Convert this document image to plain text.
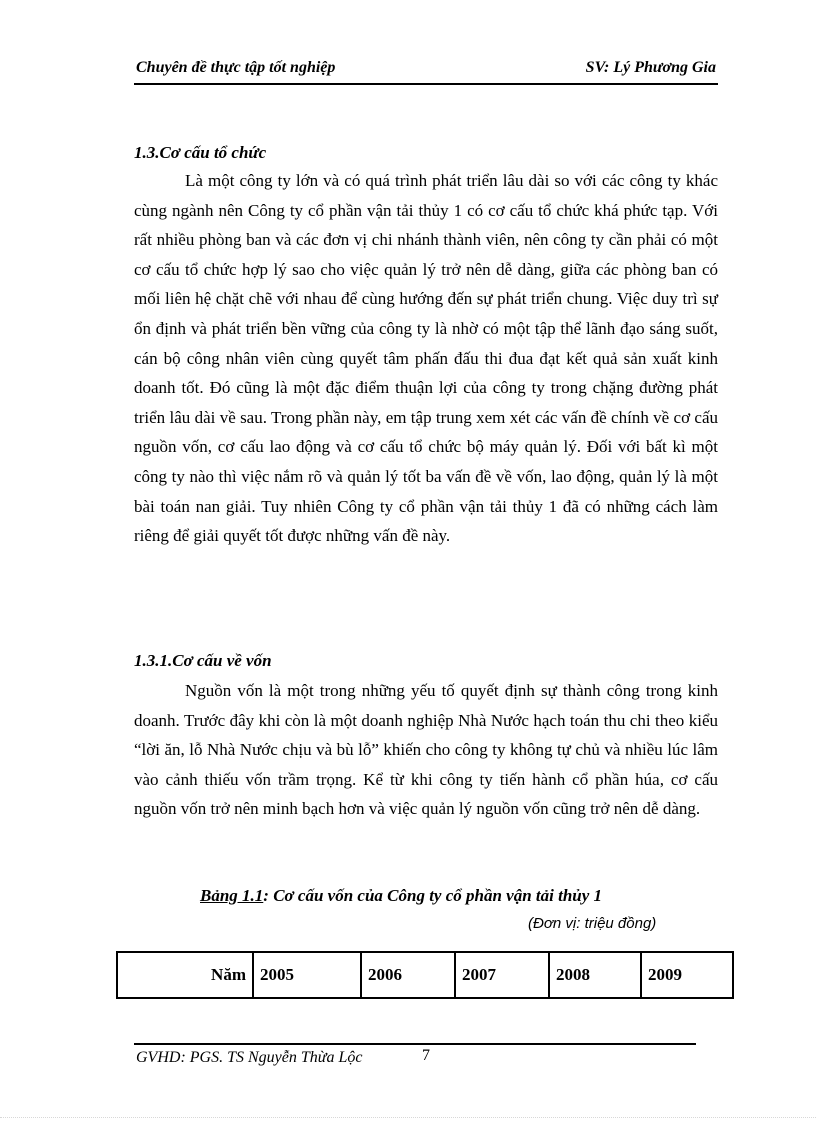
Chuyên đề thực tập tốt nghiệp	SV: Lý Phương Gia
1.3.Cơ cấu tổ chức

Là một công ty lớn và có quá trình phát triển lâu dài so với các công ty khác cùng ngành nên Công ty cổ phần vận tải thủy 1 có cơ cấu tổ chức khá phức tạp. Với rất nhiều phòng ban và các đơn vị chi nhánh thành viên, nên công ty cần phải có một cơ cấu tổ chức hợp lý sao cho việc quản lý trở nên dễ dàng, giữa các phòng ban có mối liên hệ chặt chẽ với nhau để cùng hướng đến sự phát triển chung. Việc duy trì sự ổn định và phát triển bền vững của công ty là nhờ có một tập thể lãnh đạo sáng suốt, cán bộ công nhân viên cùng quyết tâm phấn đấu thi đua đạt kết quả sản xuất kinh doanh tốt. Đó cũng là một đặc điểm thuận lợi của công ty trong chặng đường phát triển lâu dài về sau. Trong phần này, em tập trung xem xét các vấn đề chính về cơ cấu nguồn vốn, cơ cấu lao động và cơ cấu tổ chức bộ máy quản lý. Đối với bất kì một công ty nào thì việc nắm rõ và quản lý tốt ba vấn đề về vốn, lao động, quản lý là một bài toán nan giải. Tuy nhiên Công ty cổ phần vận tải thủy 1 đã có những cách làm riêng để giải quyết tốt được những vấn đề này.

1.3.1.Cơ cấu về vốn

Nguồn vốn là một trong những yếu tố quyết định sự thành công trong kinh doanh. Trước đây khi còn là một doanh nghiệp Nhà Nước hạch toán thu chi theo kiểu “lời ăn, lỗ Nhà Nước chịu và bù lỗ” khiến cho công ty không tự chủ và nhiều lúc lâm vào cảnh thiếu vốn trầm trọng. Kể từ khi công ty tiến hành cổ phần húa, cơ cấu nguồn vốn trở nên minh bạch hơn và việc quản lý nguồn vốn cũng trở nên dễ dàng.

Bảng 1.1: Cơ cấu vốn của Công ty cổ phần vận tải thủy 1
(Đơn vị: triệu đồng)
Năm	2005	2006	2007	2008	2009
GVHD: PGS. TS Nguyễn Thừa Lộc	7
